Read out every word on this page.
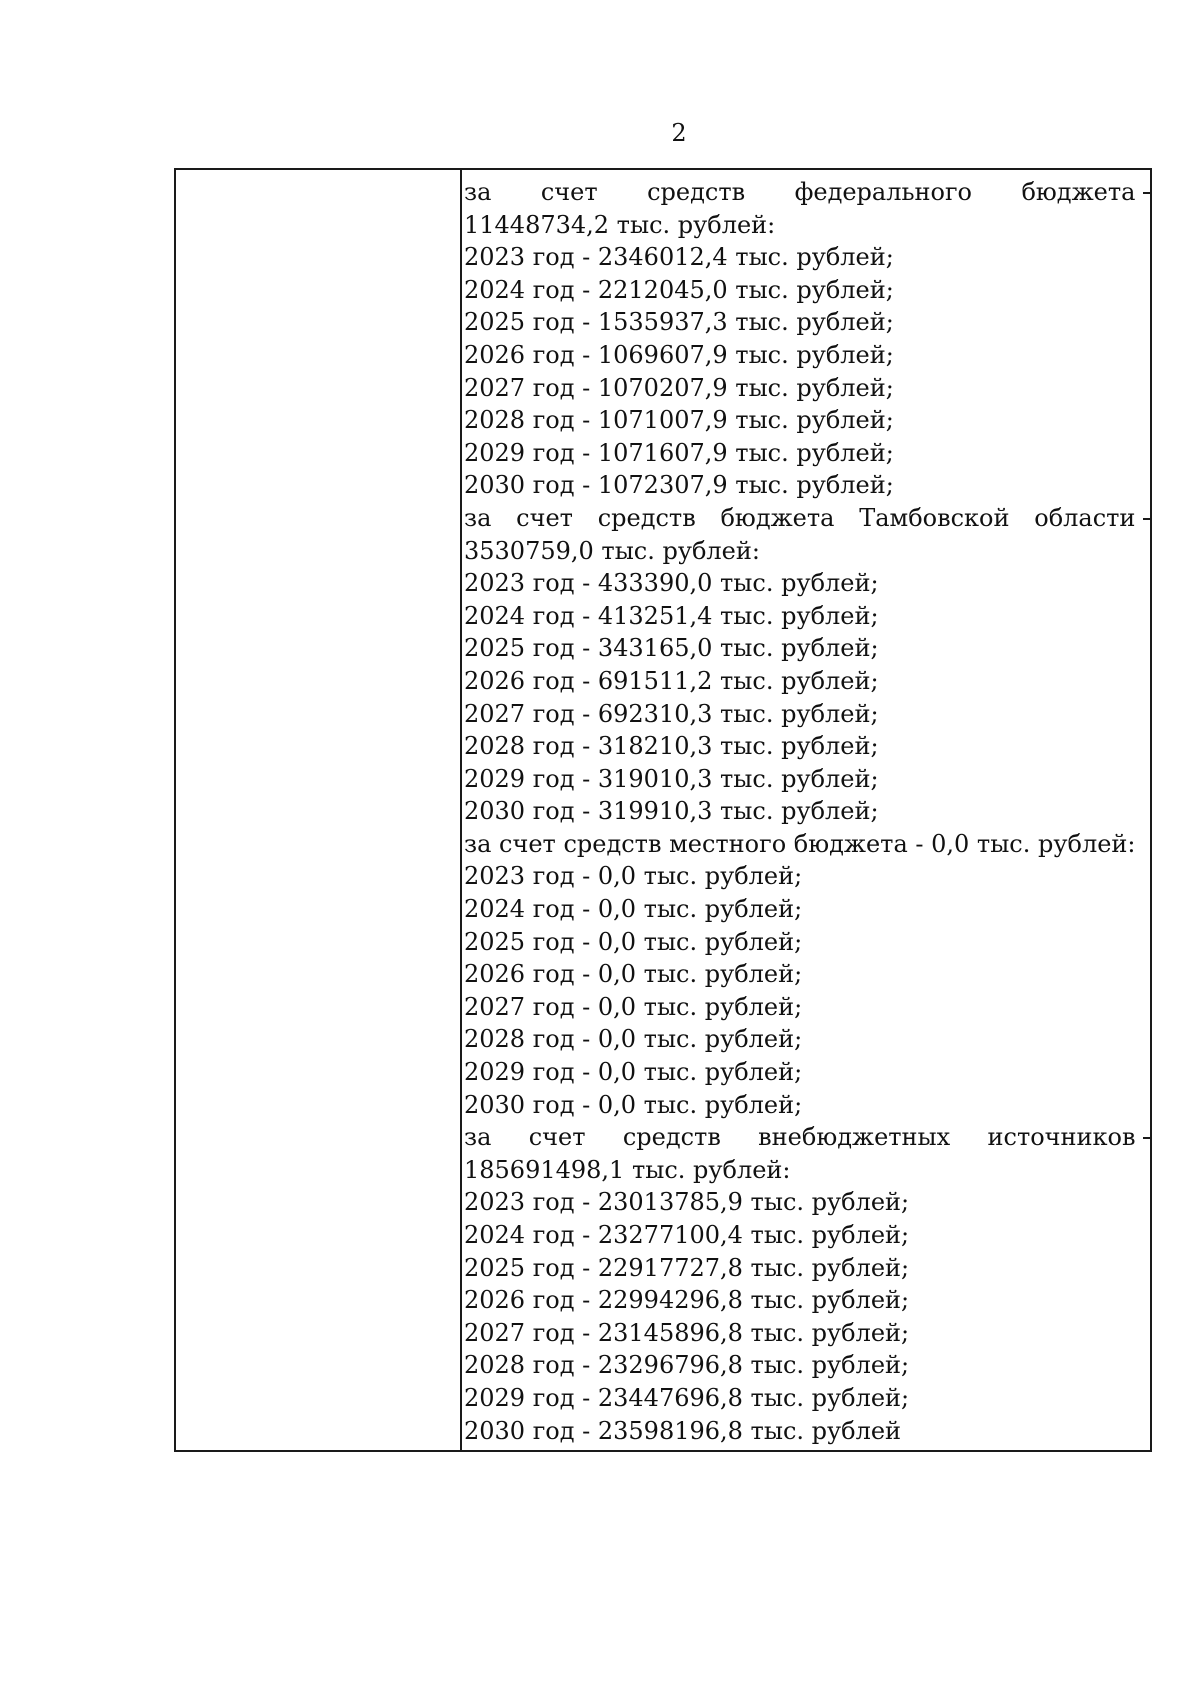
2
за счет средств федерального бюджета
11448734,2 тыс. рублей:
2023 год - 2346012,4 тыс. рублей;
2024 год - 2212045,0 тыс. рублей;
2025 год - 1535937,3 тыс. рублей;
2026 год - 1069607,9 тыс. рублей;
2027 год - 1070207,9 тыс. рублей;
2028 год - 1071007,9 тыс. рублей;
2029 год - 1071607,9 тыс. рублей;
2030 год - 1072307,9 тыс. рублей;
за счет средств бюджета Тамбовской области
3530759,0 тыс. рублей:
2023 год - 433390,0 тыс. рублей;
2024 год - 413251,4 тыс. рублей;
2025 год - 343165,0 тыс. рублей;
2026 год - 691511,2 тыс. рублей;
2027 год - 692310,3 тыс. рублей;
2028 год - 318210,3 тыс. рублей;
2029 год - 319010,3 тыс. рублей;
2030 год - 319910,3 тыс. рублей;
за счет средств местного бюджета - 0,0 тыс. рублей:
2023 год - 0,0 тыс. рублей;
2024 год - 0,0 тыс. рублей;
2025 год - 0,0 тыс. рублей;
2026 год - 0,0 тыс. рублей;
2027 год - 0,0 тыс. рублей;
2028 год - 0,0 тыс. рублей;
2029 год - 0,0 тыс. рублей;
2030 год - 0,0 тыс. рублей;
за счет средств внебюджетных источников
185691498,1 тыс. рублей:
2023 год - 23013785,9 тыс. рублей;
2024 год - 23277100,4 тыс. рублей;
2025 год - 22917727,8 тыс. рублей;
2026 год - 22994296,8 тыс. рублей;
2027 год - 23145896,8 тыс. рублей;
2028 год - 23296796,8 тыс. рублей;
2029 год - 23447696,8 тыс. рублей;
2030 год - 23598196,8 тыс. рублей
